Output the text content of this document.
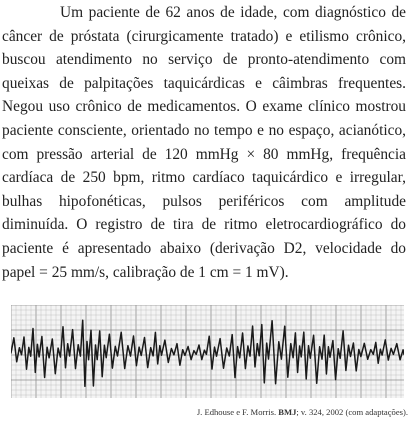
Um paciente de 62 anos de idade, com diagnóstico de câncer de próstata (cirurgicamente tratado) e etilismo crônico, buscou atendimento no serviço de pronto-atendimento com queixas de palpitações taquicárdicas e câimbras frequentes. Negou uso crônico de medicamentos. O exame clínico mostrou paciente consciente, orientado no tempo e no espaço, acianótico, com pressão arterial de 120 mmHg × 80 mmHg, frequência cardíaca de 250 bpm, ritmo cardíaco taquicárdico e irregular, bulhas hipofonéticas, pulsos periféricos com amplitude diminuída. O registro de tira de ritmo eletrocardiográfico do paciente é apresentado abaixo (derivação D2, velocidade do papel = 25 mm/s, calibração de 1 cm = 1 mV).

J. Edhouse e F. Morris. BMJ; v. 324, 2002 (com adaptações).
